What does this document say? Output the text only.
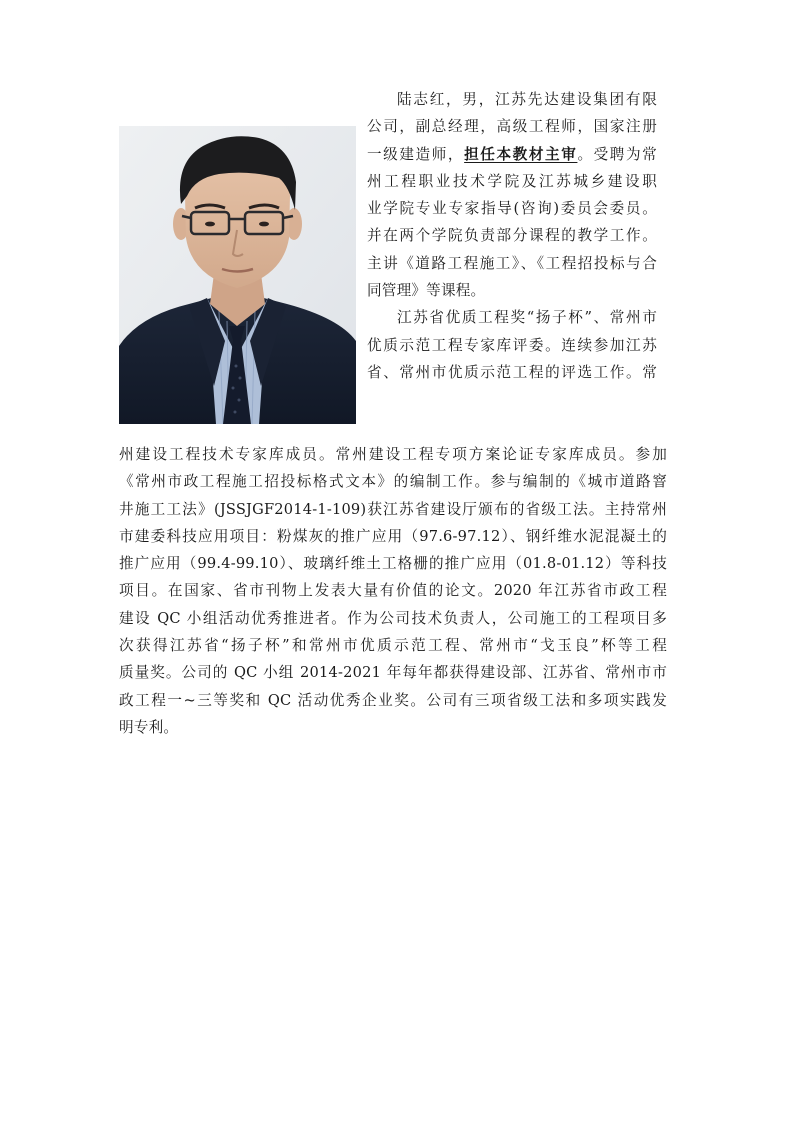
陆志红，男，江苏先达建设集团有限
公司，副总经理，高级工程师，国家注册
一级建造师，担任本教材主审。受聘为常
州工程职业技术学院及江苏城乡建设职
业学院专业专家指导(咨询)委员会委员。
并在两个学院负责部分课程的教学工作。
主讲《道路工程施工》、《工程招投标与合
同管理》等课程。
江苏省优质工程奖“扬子杯”、常州市
优质示范工程专家库评委。连续参加江苏
省、常州市优质示范工程的评选工作。常
州建设工程技术专家库成员。常州建设工程专项方案论证专家库成员。参加
《常州市政工程施工招投标格式文本》的编制工作。参与编制的《城市道路窨
井施工工法》(JSSJGF2014-1-109)获江苏省建设厅颁布的省级工法。主持常州
市建委科技应用项目：粉煤灰的推广应用（97.6-97.12）、钢纤维水泥混凝土的
推广应用（99.4-99.10）、玻璃纤维土工格栅的推广应用（01.8-01.12）等科技
项目。在国家、省市刊物上发表大量有价值的论文。2020 年江苏省市政工程
建设 QC 小组活动优秀推进者。作为公司技术负责人，公司施工的工程项目多
次获得江苏省“扬子杯”和常州市优质示范工程、常州市“戈玉良”杯等工程
质量奖。公司的 QC 小组 2014-2021 年每年都获得建设部、江苏省、常州市市
政工程一~三等奖和 QC 活动优秀企业奖。公司有三项省级工法和多项实践发
明专利。
